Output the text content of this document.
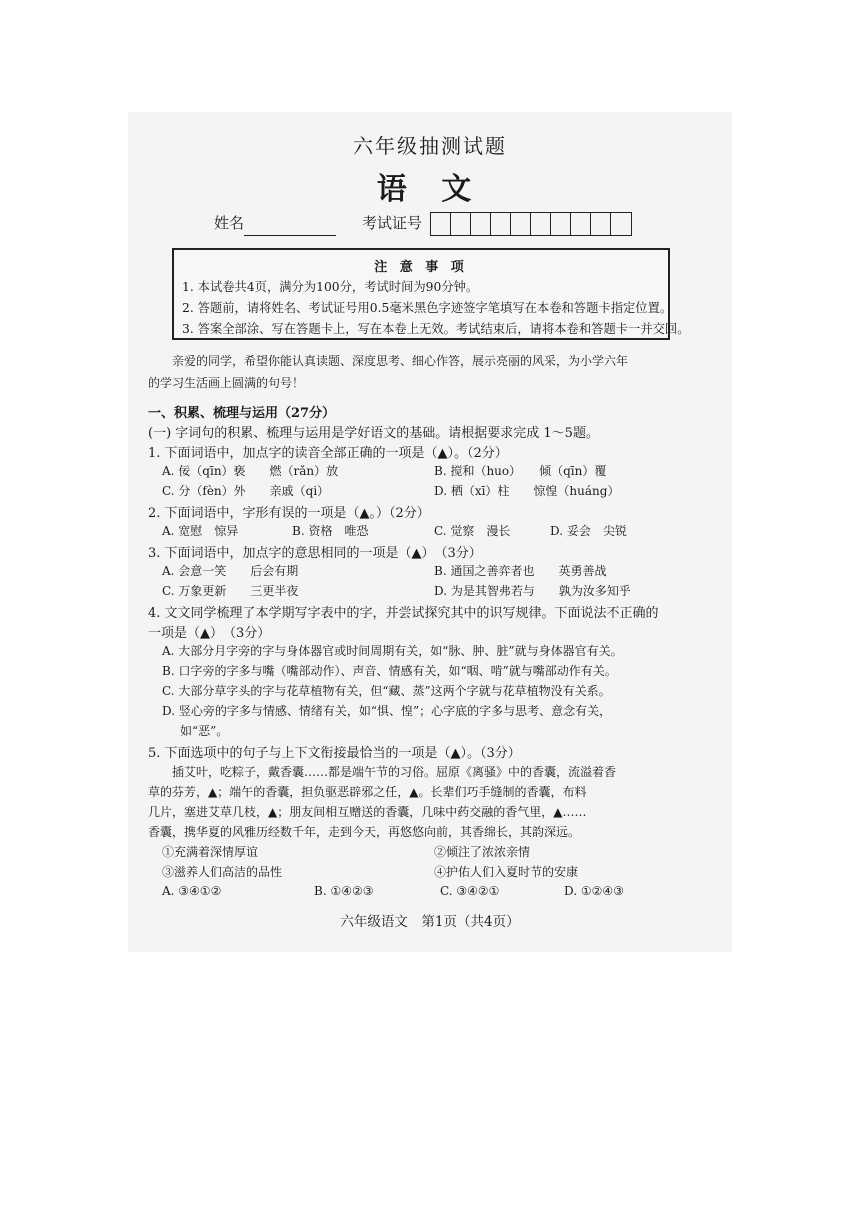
六年级抽测试题
语 文
姓名	考试证号
注 意 事 项
1. 本试卷共4页，满分为100分，考试时间为90分钟。
2. 答题前，请将姓名、考试证号用0.5毫米黑色字迹签字笔填写在本卷和答题卡指定位置。
3. 答案全部涂、写在答题卡上，写在本卷上无效。考试结束后，请将本卷和答题卡一并交回。
亲爱的同学，希望你能认真读题、深度思考、细心作答，展示亮丽的风采，为小学六年
的学习生活画上圆满的句号！
一、积累、梳理与运用（27分）
(一) 字词句的积累、梳理与运用是学好语文的基础。请根据要求完成 1～5题。
1. 下面词语中，加点字的读音全部正确的一项是（▲）。（2分）
A. 佞（qīn）亵　　燃（rǎn）放	B. 搅和（huo）　　倾（qīn）覆
C. 分（fèn）外　　亲戚（qi）	D. 栖（xī）柱　　惊惶（huáng）
2. 下面词语中，字形有误的一项是（▲。）（2分）
A. 宽慰　惊异	B. 资格　唯恐	C. 觉察　漫长	D. 妥会　尖锐
3. 下面词语中，加点字的意思相同的一项是（▲）　（3分）
A. 会意一笑　　后会有期	B. 通国之善弈者也　　英勇善战
C. 万象更新　　三更半夜	D. 为是其智弗若与　　孰为汝多知乎
4. 文文同学梳理了本学期写字表中的字，并尝试探究其中的识写规律。下面说法不正确的
一项是（▲）　（3分）
A. 大部分月字旁的字与身体器官或时间周期有关，如“脉、肿、脏”就与身体器官有关。
B. 口字旁的字多与嘴（嘴部动作）、声音、情感有关，如“咽、啃”就与嘴部动作有关。
C. 大部分草字头的字与花草植物有关，但“藏、蒸”这两个字就与花草植物没有关系。
D. 竖心旁的字多与情感、情绪有关，如“惧、惶”；心字底的字多与思考、意念有关，
如“恶”。
5. 下面选项中的句子与上下文衔接最恰当的一项是（▲）。（3分）
插艾叶，吃粽子，戴香囊……都是端午节的习俗。屈原《离骚》中的香囊，流溢着香
草的芬芳，▲；端午的香囊，担负驱恶辟邪之任，▲。长辈们巧手缝制的香囊，布料
几片，塞进艾草几枝，▲；朋友间相互赠送的香囊，几味中药交融的香气里，▲……
香囊，携华夏的风雅历经数千年，走到今天，再悠悠向前，其香绵长，其韵深远。
①充满着深情厚谊	②倾注了浓浓亲情
③滋养人们高洁的品性	④护佑人们入夏时节的安康
A. ③④①②	B. ①④②③	C. ③④②①	D. ①②④③
六年级语文　第1页（共4页）
